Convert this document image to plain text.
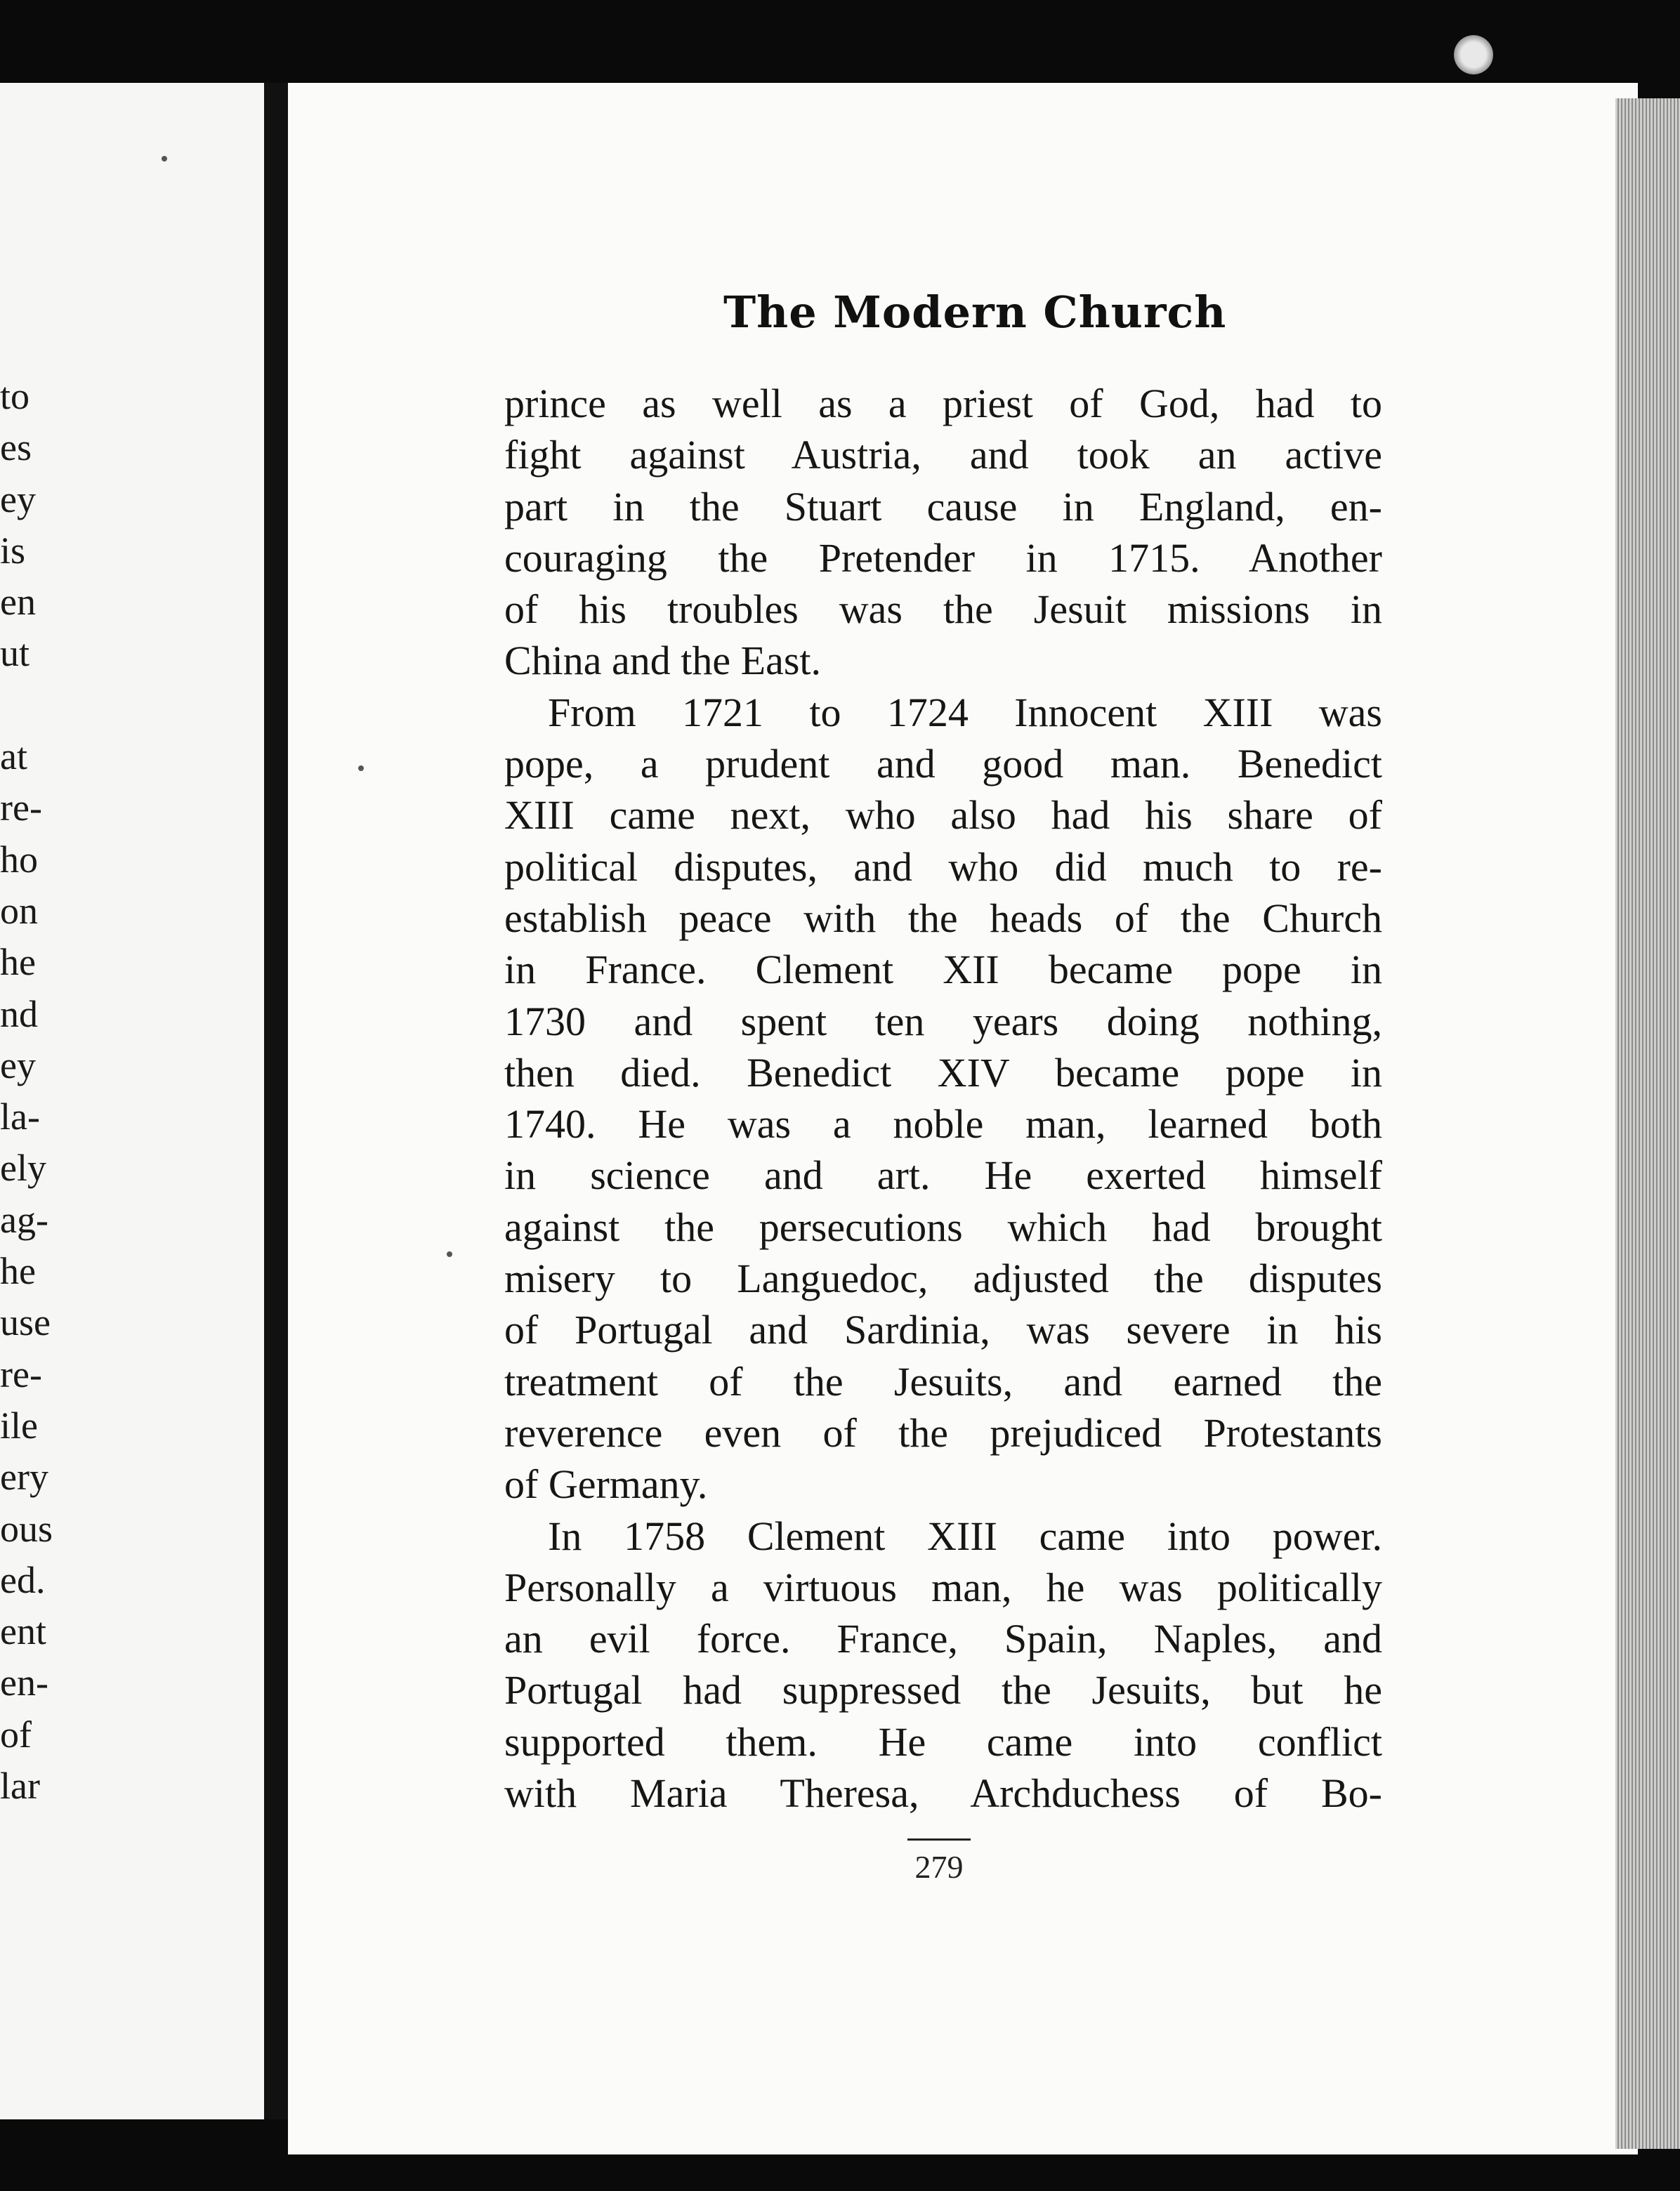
to
es
ey
is
en
ut

at
re-
ho
on
he
nd
ey
la-
ely
ag-
he
use
re-
ile
ery
ous
ed.
ent
en-
of
lar
The Modern Church
prince as well as a priest of God, had to
fight against Austria, and took an active
part in the Stuart cause in England, en-
couraging the Pretender in 1715. Another
of his troubles was the Jesuit missions in
China and the East.
From 1721 to 1724 Innocent XIII was
pope, a prudent and good man. Benedict
XIII came next, who also had his share of
political disputes, and who did much to re-
establish peace with the heads of the Church
in France. Clement XII became pope in
1730 and spent ten years doing nothing,
then died. Benedict XIV became pope in
1740. He was a noble man, learned both
in science and art. He exerted himself
against the persecutions which had brought
misery to Languedoc, adjusted the disputes
of Portugal and Sardinia, was severe in his
treatment of the Jesuits, and earned the
reverence even of the prejudiced Protestants
of Germany.
In 1758 Clement XIII came into power.
Personally a virtuous man, he was politically
an evil force. France, Spain, Naples, and
Portugal had suppressed the Jesuits, but he
supported them. He came into conflict
with Maria Theresa, Archduchess of Bo-
279
